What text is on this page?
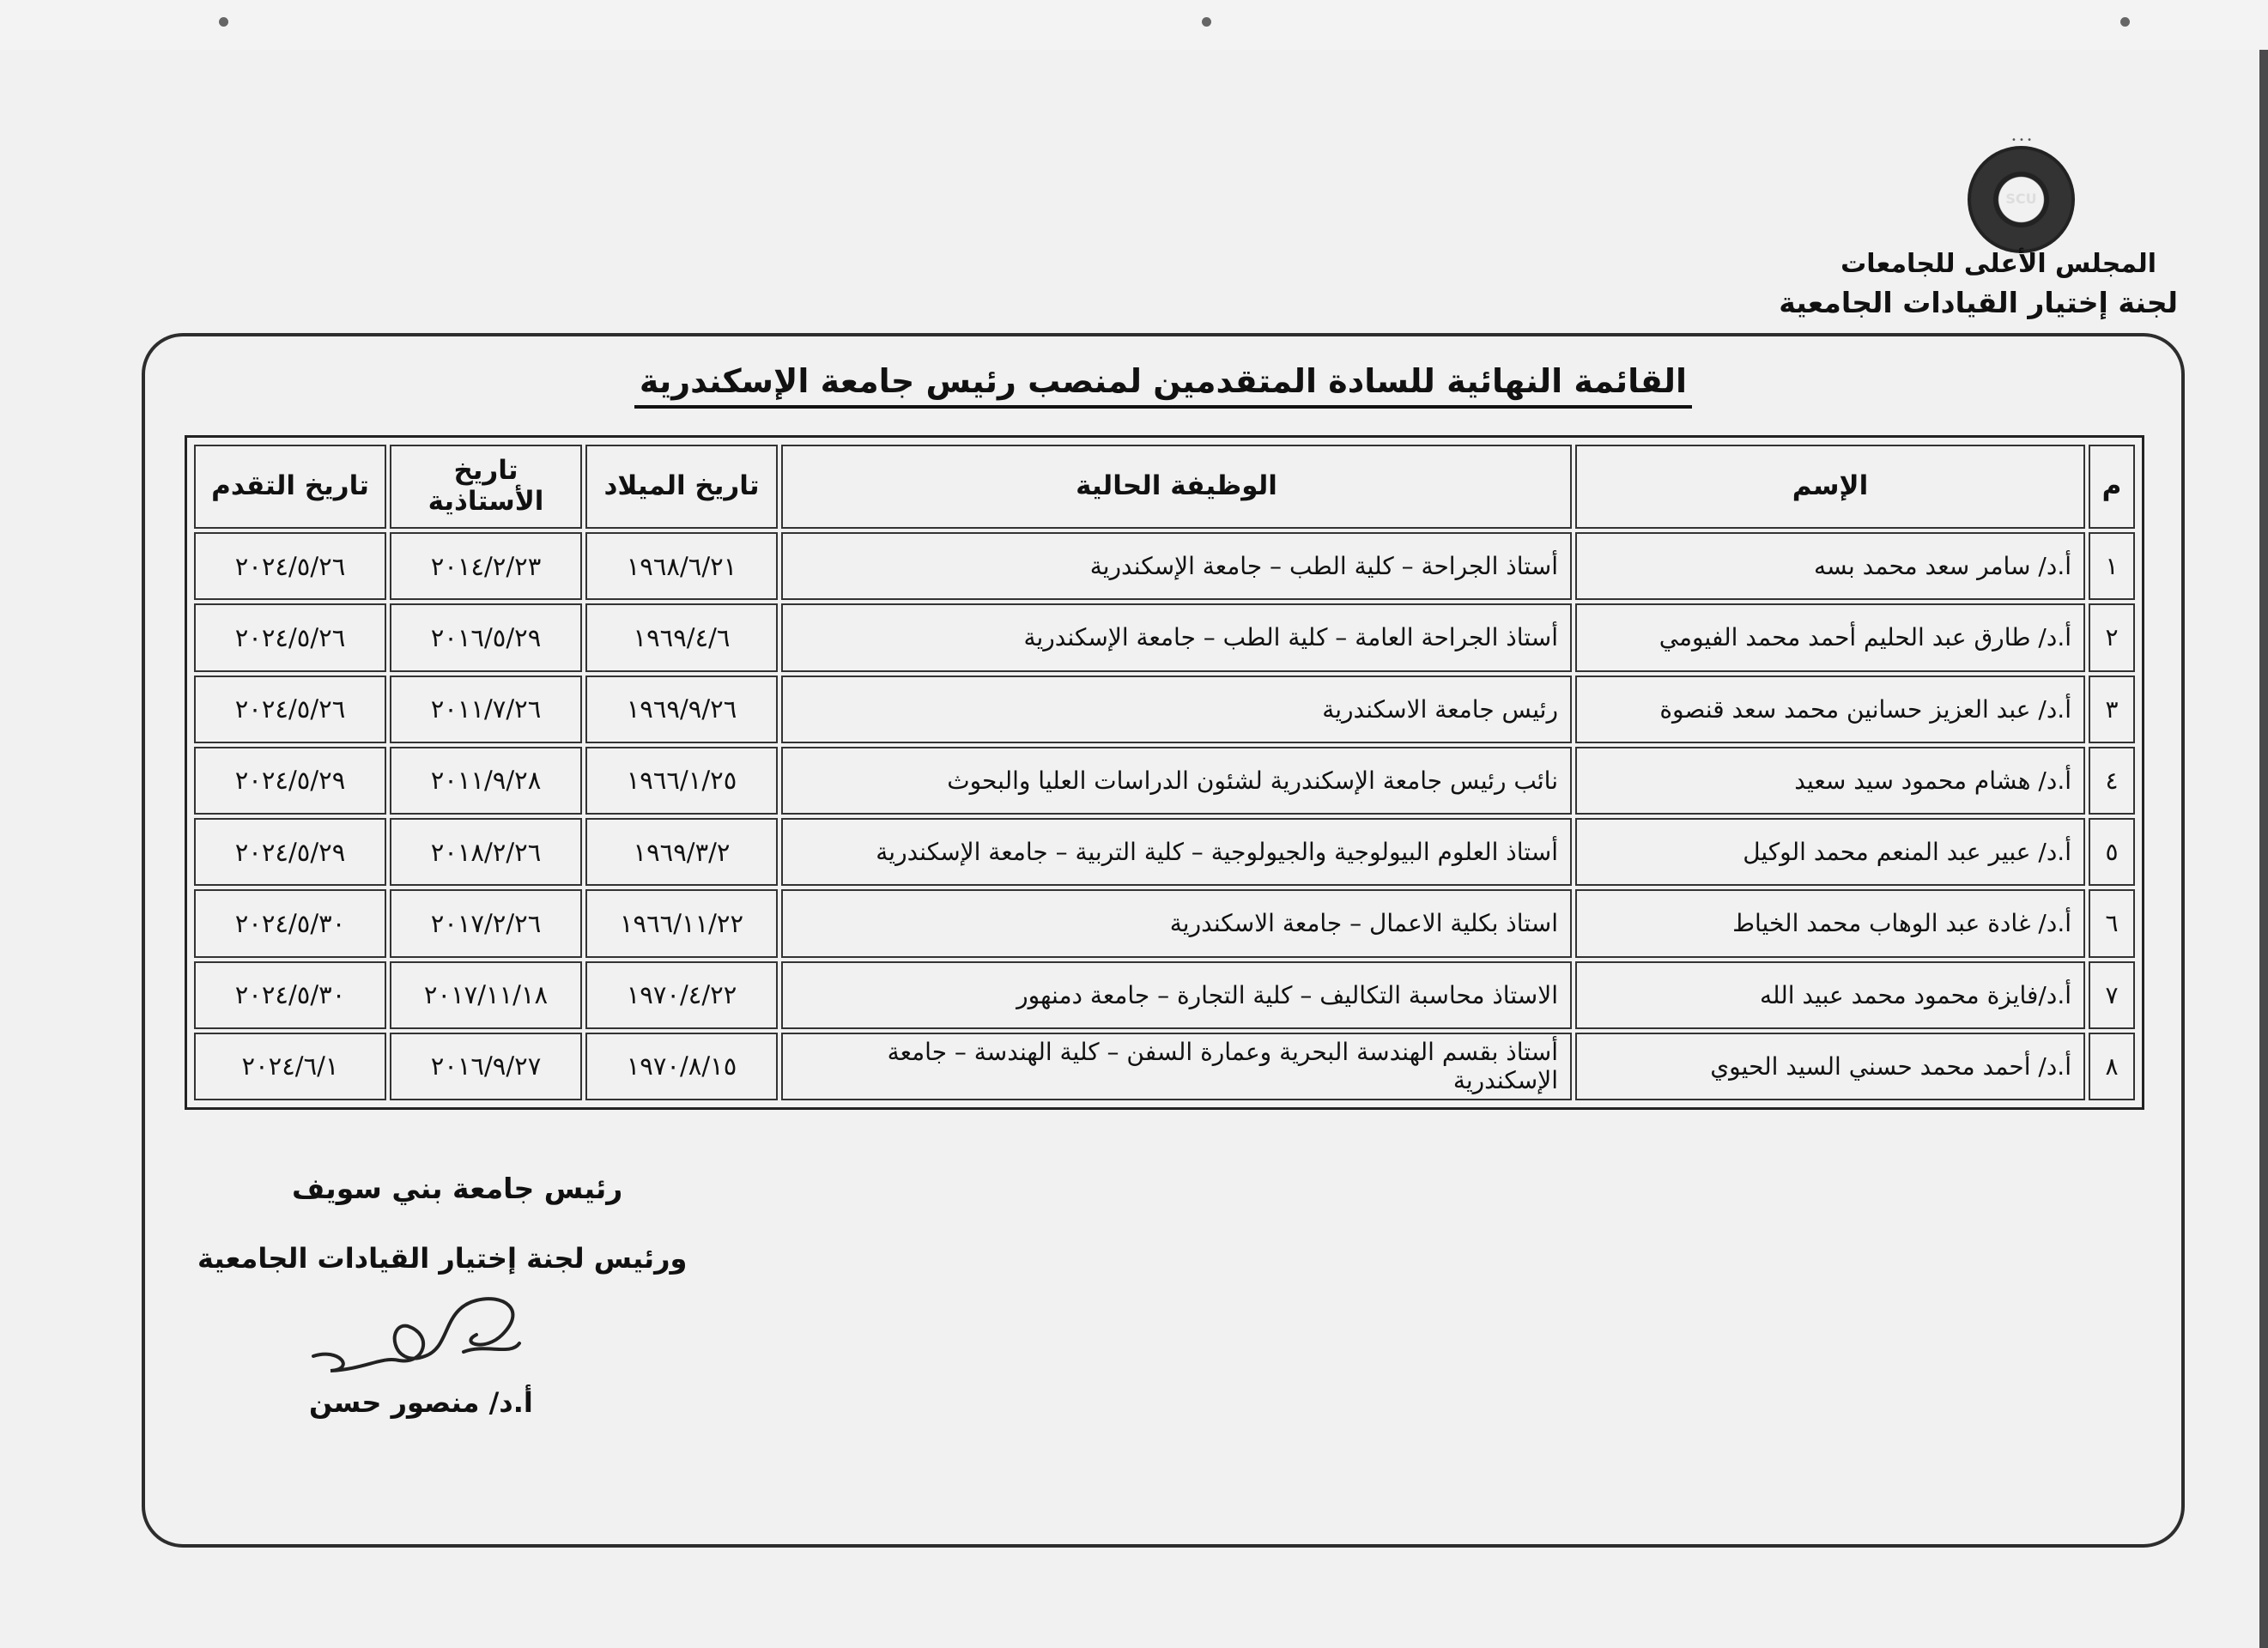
• • •
SCU
المجلس الأعلى للجامعات
لجنة إختيار القيادات الجامعية
القائمة النهائية للسادة المتقدمين لمنصب رئيس جامعة الإسكندرية
م	الإسم	الوظيفة الحالية	تاريخ الميلاد	تاريخ الأستاذية	تاريخ التقدم
١	أ.د/ سامر سعد محمد بسه	أستاذ الجراحة – كلية الطب – جامعة الإسكندرية	١٩٦٨/٦/٢١	٢٠١٤/٢/٢٣	٢٠٢٤/٥/٢٦
٢	أ.د/ طارق عبد الحليم أحمد محمد الفيومي	أستاذ الجراحة العامة – كلية الطب – جامعة الإسكندرية	١٩٦٩/٤/٦	٢٠١٦/٥/٢٩	٢٠٢٤/٥/٢٦
٣	أ.د/ عبد العزيز حسانين محمد سعد قنصوة	رئيس جامعة الاسكندرية	١٩٦٩/٩/٢٦	٢٠١١/٧/٢٦	٢٠٢٤/٥/٢٦
٤	أ.د/ هشام محمود سيد سعيد	نائب رئيس جامعة الإسكندرية لشئون الدراسات العليا والبحوث	١٩٦٦/١/٢٥	٢٠١١/٩/٢٨	٢٠٢٤/٥/٢٩
٥	أ.د/ عبير عبد المنعم محمد الوكيل	أستاذ العلوم البيولوجية والجيولوجية – كلية التربية – جامعة الإسكندرية	١٩٦٩/٣/٢	٢٠١٨/٢/٢٦	٢٠٢٤/٥/٢٩
٦	أ.د/ غادة عبد الوهاب محمد الخياط	استاذ بكلية الاعمال – جامعة الاسكندرية	١٩٦٦/١١/٢٢	٢٠١٧/٢/٢٦	٢٠٢٤/٥/٣٠
٧	أ.د/فايزة محمود محمد عبيد الله	الاستاذ محاسبة التكاليف – كلية التجارة – جامعة دمنهور	١٩٧٠/٤/٢٢	٢٠١٧/١١/١٨	٢٠٢٤/٥/٣٠
٨	أ.د/ أحمد محمد حسني السيد الحيوي	أستاذ بقسم الهندسة البحرية وعمارة السفن – كلية الهندسة – جامعة الإسكندرية	١٩٧٠/٨/١٥	٢٠١٦/٩/٢٧	٢٠٢٤/٦/١
رئيس جامعة بني سويف
ورئيس لجنة إختيار القيادات الجامعية
أ.د/ منصور حسن
